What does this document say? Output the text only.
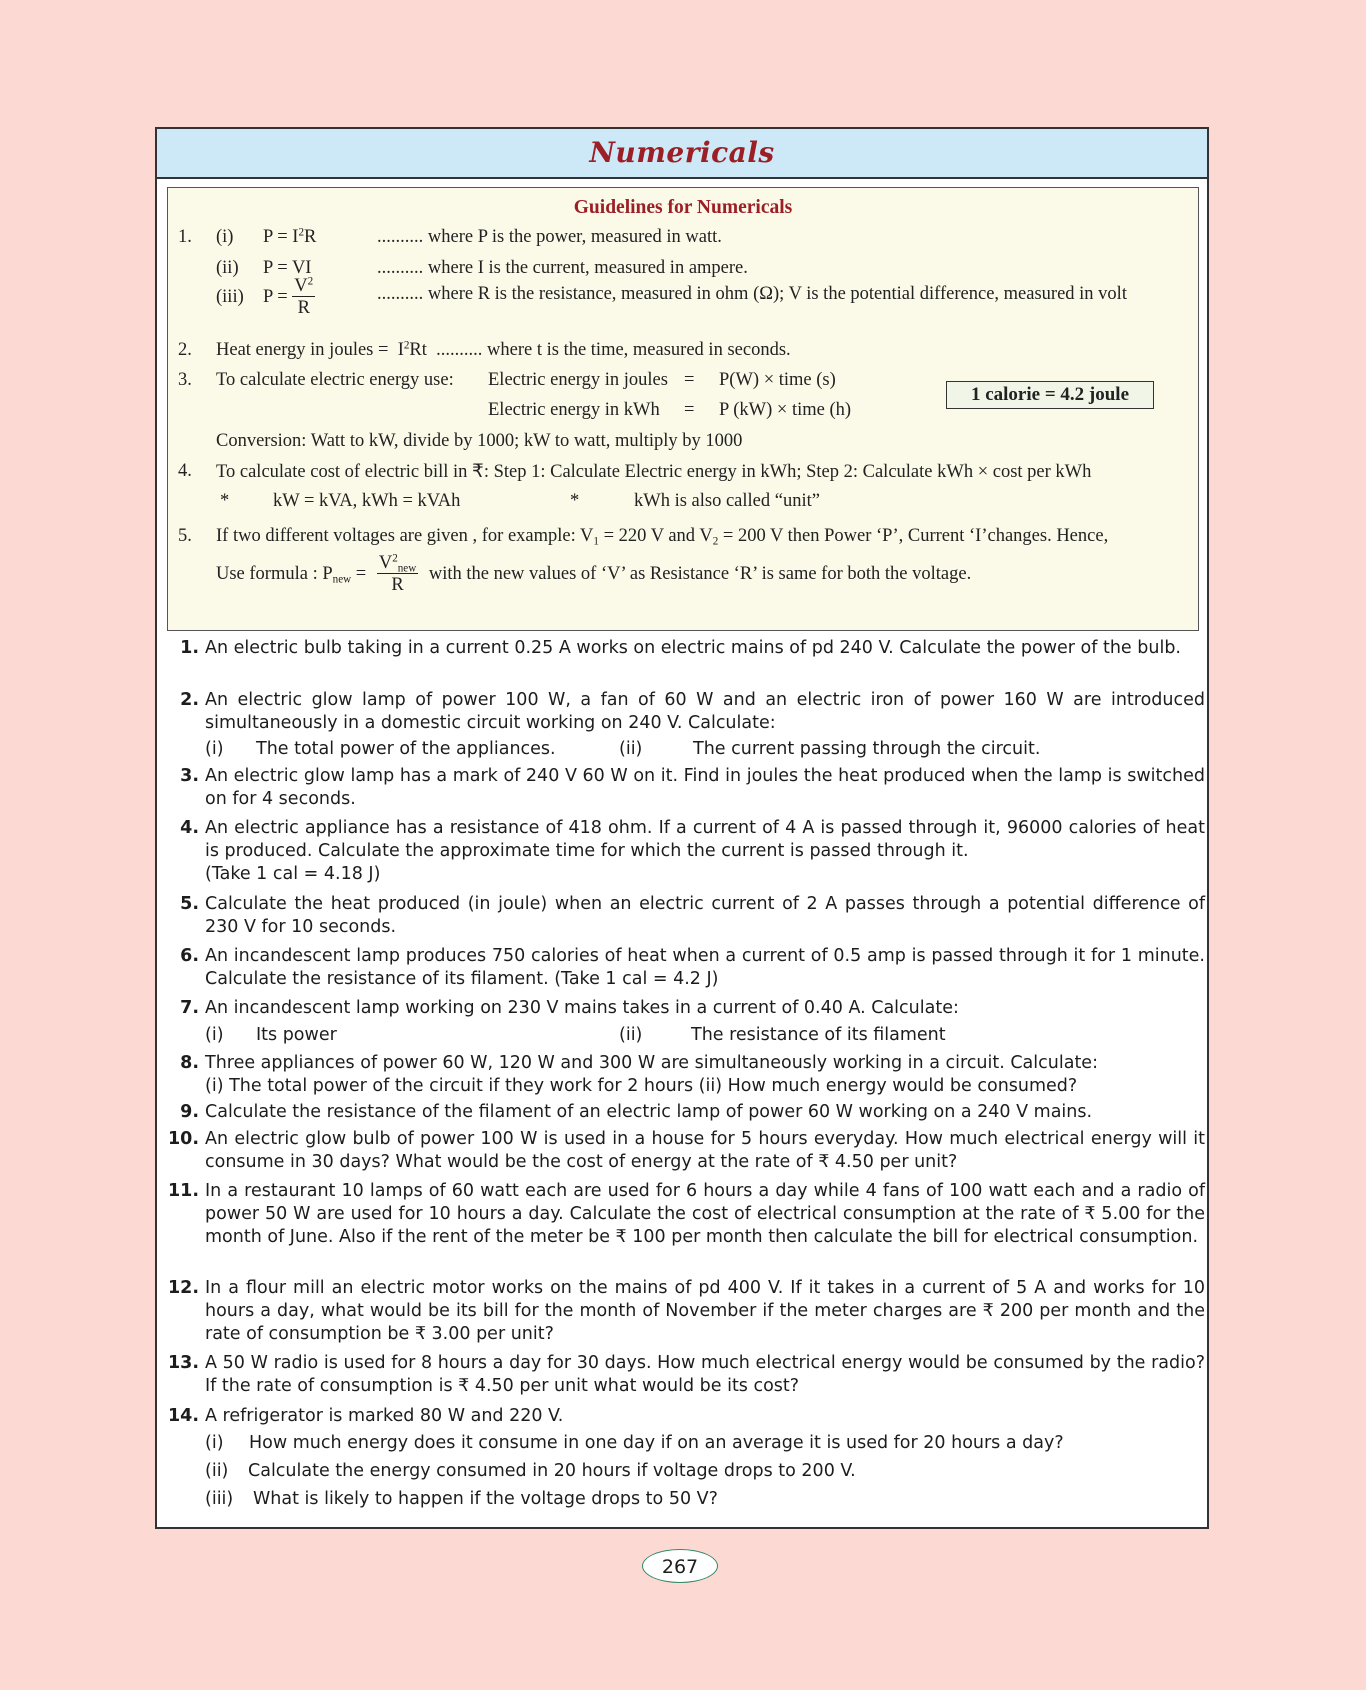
Numericals
Guidelines for Numericals
1. (i) $P = I^2R$	.......... where P is the power, measured in watt.
(ii) P = VI	.......... where I is the current, measured in ampere.
(iii) $P = \frac{V^2}{R}$	.......... where R is the resistance, measured in ohm (Ω); V is the potential difference, measured in volt
2. Heat energy in joules = $I^2Rt$ .......... where t is the time, measured in seconds.
3. To calculate electric energy use: Electric energy in joules = P(W) × time (s)
Electric energy in kWh = P (kW) × time (h)
1 calorie = 4.2 joule
Conversion: Watt to kW, divide by 1000; kW to watt, multiply by 1000
4. To calculate cost of electric bill in ₹: Step 1: Calculate Electric energy in kWh; Step 2: Calculate kWh × cost per kWh
* kW = kVA, kWh = kVAh	*	kWh is also called “unit”
5. If two different voltages are given , for example: $V_1 = 220$ V and $V_2 = 200$ V then Power ‘P’, Current ‘I’changes. Hence,
Use formula : $P_{new} = \frac{V^2_{new}}{R}$ with the new values of ‘V’ as Resistance ‘R’ is same for both the voltage.
1. An electric bulb taking in a current 0.25 A works on electric mains of pd 240 V. Calculate the power of the bulb.
2. An electric glow lamp of power 100 W, a fan of 60 W and an electric iron of power 160 W are introduced simultaneously in a domestic circuit working on 240 V. Calculate:
(i) The total power of the appliances.	(ii)	The current passing through the circuit.
3. An electric glow lamp has a mark of 240 V 60 W on it. Find in joules the heat produced when the lamp is switched on for 4 seconds.
4. An electric appliance has a resistance of 418 ohm. If a current of 4 A is passed through it, 96000 calories of heat is produced. Calculate the approximate time for which the current is passed through it.
(Take 1 cal = 4.18 J)
5. Calculate the heat produced (in joule) when an electric current of 2 A passes through a potential difference of 230 V for 10 seconds.
6. An incandescent lamp produces 750 calories of heat when a current of 0.5 amp is passed through it for 1 minute. Calculate the resistance of its filament. (Take 1 cal = 4.2 J)
7. An incandescent lamp working on 230 V mains takes in a current of 0.40 A. Calculate:
(i) Its power	(ii)	The resistance of its filament
8. Three appliances of power 60 W, 120 W and 300 W are simultaneously working in a circuit. Calculate:
(i) The total power of the circuit if they work for 2 hours (ii) How much energy would be consumed?
9. Calculate the resistance of the filament of an electric lamp of power 60 W working on a 240 V mains.
10. An electric glow bulb of power 100 W is used in a house for 5 hours everyday. How much electrical energy will it consume in 30 days? What would be the cost of energy at the rate of ₹ 4.50 per unit?
11. In a restaurant 10 lamps of 60 watt each are used for 6 hours a day while 4 fans of 100 watt each and a radio of power 50 W are used for 10 hours a day. Calculate the cost of electrical consumption at the rate of ₹ 5.00 for the month of June. Also if the rent of the meter be ₹ 100 per month then calculate the bill for electrical consumption.
12. In a flour mill an electric motor works on the mains of pd 400 V. If it takes in a current of 5 A and works for 10 hours a day, what would be its bill for the month of November if the meter charges are ₹ 200 per month and the rate of consumption be ₹ 3.00 per unit?
13. A 50 W radio is used for 8 hours a day for 30 days. How much electrical energy would be consumed by the radio? If the rate of consumption is ₹ 4.50 per unit what would be its cost?
14. A refrigerator is marked 80 W and 220 V.
(i) How much energy does it consume in one day if on an average it is used for 20 hours a day?
(ii) Calculate the energy consumed in 20 hours if voltage drops to 200 V.
(iii) What is likely to happen if the voltage drops to 50 V?
267
